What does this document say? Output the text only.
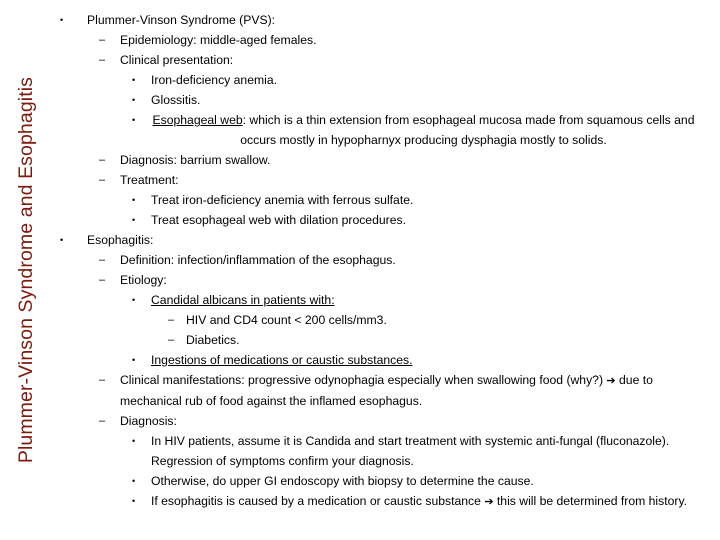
Plummer-Vinson Syndrome and Esophagitis
• Plummer-Vinson Syndrome (PVS):
– Epidemiology: middle-aged females.
– Clinical presentation:
• Iron-deficiency anemia.
• Glossitis.
• Esophageal web: which is a thin extension from esophageal mucosa made from squamous cells and occurs mostly in hypopharnyx producing dysphagia mostly to solids.
– Diagnosis: barrium swallow.
– Treatment:
• Treat iron-deficiency anemia with ferrous sulfate.
• Treat esophageal web with dilation procedures.
• Esophagitis:
– Definition: infection/inflammation of the esophagus.
– Etiology:
• Candidal albicans in patients with:
– HIV and CD4 count < 200 cells/mm3.
– Diabetics.
• Ingestions of medications or caustic substances.
– Clinical manifestations: progressive odynophagia especially when swallowing food (why?) ➔ due to mechanical rub of food against the inflamed esophagus.
– Diagnosis:
• In HIV patients, assume it is Candida and start treatment with systemic anti-fungal (fluconazole). Regression of symptoms confirm your diagnosis.
• Otherwise, do upper GI endoscopy with biopsy to determine the cause.
• If esophagitis is caused by a medication or caustic substance ➔ this will be determined from history.
